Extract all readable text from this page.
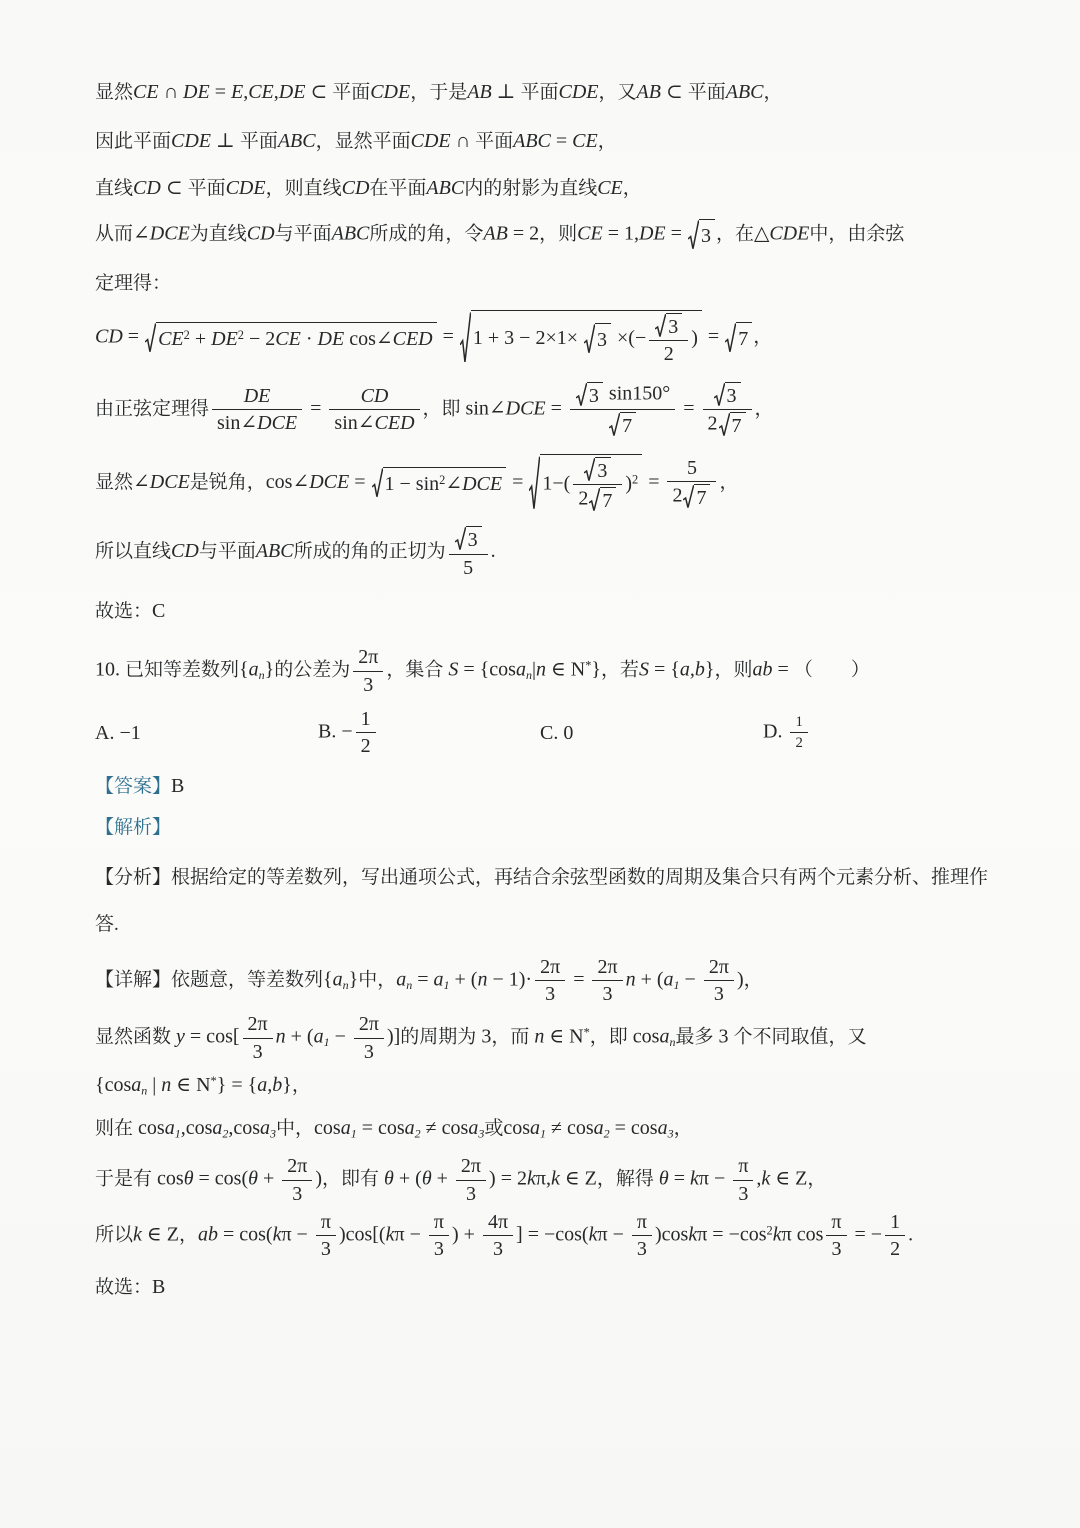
显然CE ∩ DE = E,CE,DE ⊂ 平面CDE，于是AB ⊥ 平面CDE，又AB ⊂ 平面ABC，
因此平面CDE ⊥ 平面ABC，显然平面CDE ∩ 平面ABC = CE，
直线CD ⊂ 平面CDE，则直线CD在平面ABC内的射影为直线CE，
从而∠DCE为直线CD与平面ABC所成的角，令AB = 2，则CE = 1,DE = 3 ，在△CDE中，由余弦
定理得：
CD = $CE^2 + DE^2 - 2CE$ · DE cos∠CED = 1 + 3 − 2×1× 3 ×(− $\frac{3}{2}$ ) = 7 ，
由正弦定理得
DE
sin∠DCE
=
CD
sin∠CED
，即 sin∠DCE = $\frac{3 \sin 150^\circ}{7} = \frac{3}{2 7}$ ，
显然∠DCE是锐角，cos∠DCE = $1 - \sin^2\angle DCE = 1-( \frac{3}{2 7} )^2 = \frac{5}{2 7}$ ，
所以直线CD与平面ABC所成的角的正切为 $\frac{3}{5}$ .
故选：C
10. 已知等差数列{an}的公差为 $\frac{2\pi}{3}$ ，集合 S = {cosan|n ∈ N*}，若S = {a,b}，则ab = （　　）
A. −1	B. − $\frac{1}{2}$	C. 0	D. $\frac{1}{2}$
【答案】B
【解析】
【分析】根据给定的等差数列，写出通项公式，再结合余弦型函数的周期及集合只有两个元素分析、推理作答.
【详解】依题意，等差数列{an}中，an = $a1 + (n - 1)\cdot \frac{2\pi}{3} = \frac{2\pi}{3}$ $n + (a1 - \frac{2\pi}{3}$ )，
显然函数 $y = \cos[ \frac{2\pi}{3}$ $n + (a1 - \frac{2\pi}{3}$ )]的周期为 3，而 n ∈ N*，即 cosan最多 3 个不同取值，又
{cosan | n ∈ N*} = {a,b}，
则在 cosa1,cosa2,cosa3中，cosa1 = cosa2 ≠ cosa3或cosa1 ≠ cosa2 = cosa3，
于是有 $\cos\theta = \cos(\theta + \frac{2\pi}{3}$ )，即有 $\theta + (\theta + \frac{2\pi}{3}$ ) = 2kπ,k ∈ Z，解得 $\theta = k\pi - \frac{\pi}{3} ,k$ ∈ Z，
所以k ∈ Z，ab = $\cos(k\pi - \frac{\pi}{3} )\cos[(k\pi - \frac{\pi}{3}$ ) + $\frac{4\pi}{3}$ ] = $-\cos(k\pi - \frac{\pi}{3} )\cos k\pi = -\cos^2k\pi$ $\cos \frac{\pi}{3}$ = − $\frac{1}{2}$ .
故选：B
